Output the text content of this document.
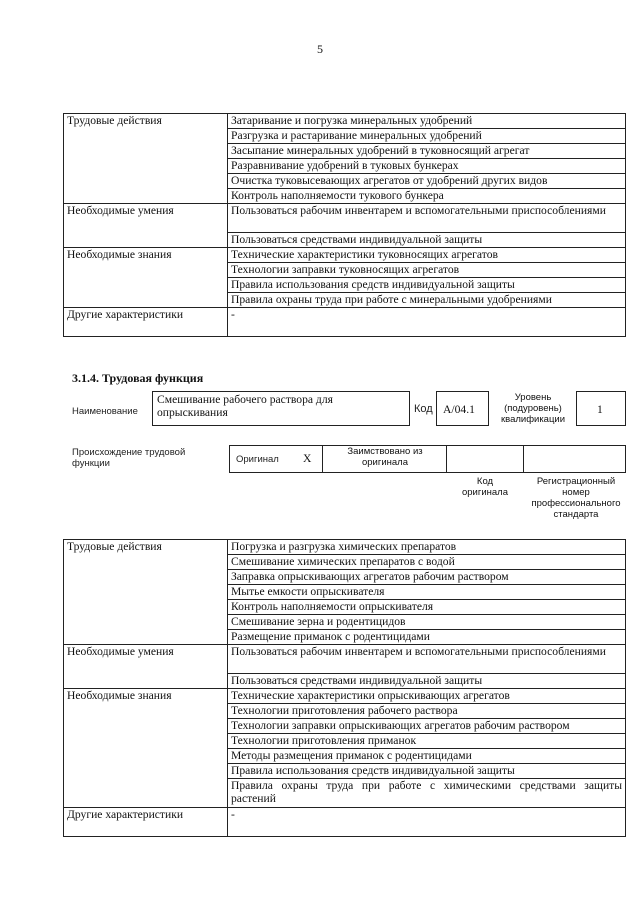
5
Трудовые действия	Затаривание и погрузка минеральных удобрений
	Разгрузка и растаривание минеральных удобрений
	Засыпание минеральных удобрений в туковносящий агрегат
	Разравнивание удобрений в туковых бункерах
	Очистка туковысевающих агрегатов от удобрений других видов
	Контроль наполняемости тукового бункера
Необходимые умения	Пользоваться рабочим инвентарем и вспомогательными приспособлениями
	Пользоваться средствами индивидуальной защиты
Необходимые знания	Технические характеристики туковносящих агрегатов
	Технологии заправки туковносящих агрегатов
	Правила использования средств индивидуальной защиты
	Правила охраны труда при работе с минеральными удобрениями
Другие характеристики	-
3.1.4. Трудовая функция
Наименование
Смешивание рабочего раствора для опрыскивания	Код A/04.1
Уровень (подуровень) квалификации
1
Происхождение трудовой функции	Оригинал X
Заимствовано из оригинала
Код оригинала
Регистрационный номер профессионального стандарта
Трудовые действия	Погрузка и разгрузка химических препаратов
	Смешивание химических препаратов с водой
	Заправка опрыскивающих агрегатов рабочим раствором
	Мытье емкости опрыскивателя
	Контроль наполняемости опрыскивателя
	Смешивание зерна и родентицидов
	Размещение приманок с родентицидами
Необходимые умения	Пользоваться рабочим инвентарем и вспомогательными приспособлениями
	Пользоваться средствами индивидуальной защиты
Необходимые знания	Технические характеристики опрыскивающих агрегатов
	Технологии приготовления рабочего раствора
	Технологии заправки опрыскивающих агрегатов рабочим раствором
	Технологии приготовления приманок
	Методы размещения приманок с родентицидами
	Правила использования средств индивидуальной защиты
	Правила охраны труда при работе с химическими средствами защиты растений
Другие характеристики	-
